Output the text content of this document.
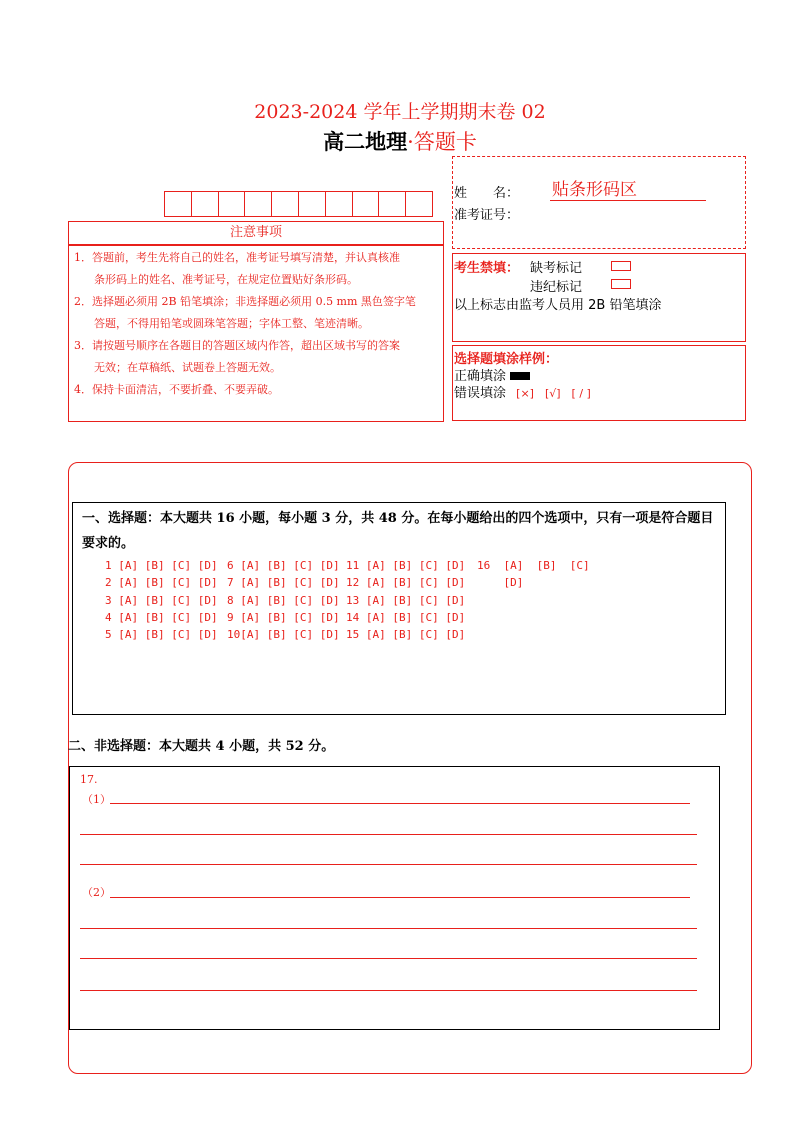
2023-2024 学年上学期期末卷 02
高二地理·答题卡
姓　　名： 贴条形码区
准考证号：
注意事项
1．答题前，考生先将自己的姓名，准考证号填写清楚，并认真核准
条形码上的姓名、准考证号，在规定位置贴好条形码。
2．选择题必须用 2B 铅笔填涂；非选择题必须用 0.5 mm 黑色签字笔
答题，不得用铅笔或圆珠笔答题；字体工整、笔迹清晰。
3．请按题号顺序在各题目的答题区域内作答，超出区域书写的答案
无效；在草稿纸、试题卷上答题无效。
4．保持卡面清洁，不要折叠、不要弄破。
考生禁填： 缺考标记
违纪标记
以上标志由监考人员用 2B 铅笔填涂
选择题填涂样例：
正确填涂
错误填涂 [×]　[√]　[ / ]
一、选择题：本大题共 16 小题，每小题 3 分，共 48 分。在每小题给出的四个选项中，只有一项是符合题目要求的。
1 [A] [B] [C] [D] 6 [A] [B] [C] [D] 11 [A] [B] [C] [D] 16  [A]  [B]  [C]
2 [A] [B] [C] [D] 7 [A] [B] [C] [D] 12 [A] [B] [C] [D] [D]
3 [A] [B] [C] [D] 8 [A] [B] [C] [D] 13 [A] [B] [C] [D]
4 [A] [B] [C] [D] 9 [A] [B] [C] [D] 14 [A] [B] [C] [D]
5 [A] [B] [C] [D] 10[A] [B] [C] [D] 15 [A] [B] [C] [D]
二、非选择题：本大题共 4 小题，共 52 分。
17.
（1）
（2）
